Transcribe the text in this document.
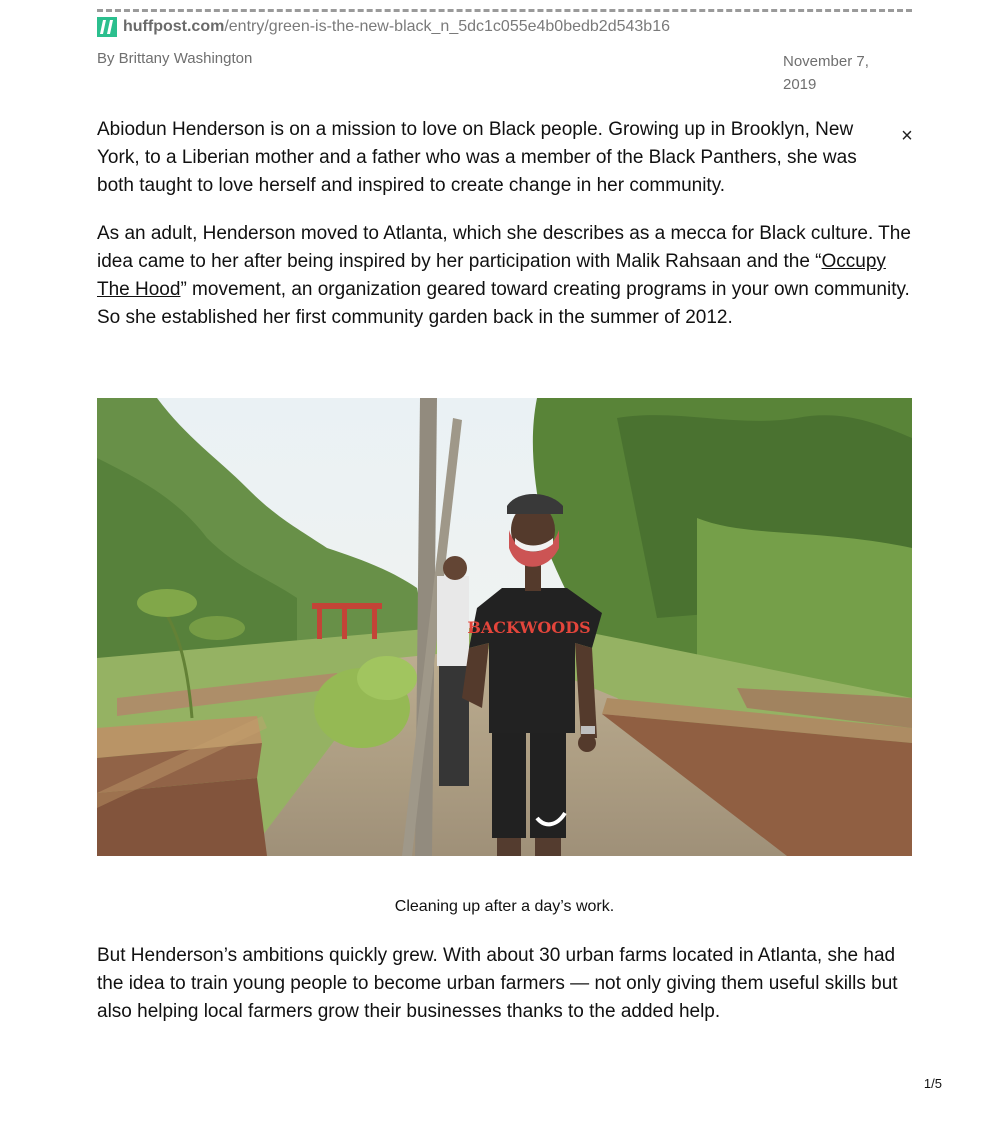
huffpost.com/entry/green-is-the-new-black_n_5dc1c055e4b0bedb2d543b16
By Brittany Washington	November 7, 2019
×

Abiodun Henderson is on a mission to love on Black people. Growing up in Brooklyn, New York, to a Liberian mother and a father who was a member of the Black Panthers, she was both taught to love herself and inspired to create change in her community.

As an adult, Henderson moved to Atlanta, which she describes as a mecca for Black culture. The idea came to her after being inspired by her participation with Malik Rahsaan and the “Occupy The Hood” movement, an organization geared toward creating programs in your own community. So she established her first community garden back in the summer of 2012.

BACKWOODS
Cleaning up after a day’s work.

But Henderson’s ambitions quickly grew. With about 30 urban farms located in Atlanta, she had the idea to train young people to become urban farmers — not only giving them useful skills but also helping local farmers grow their businesses thanks to the added help.

1/5
